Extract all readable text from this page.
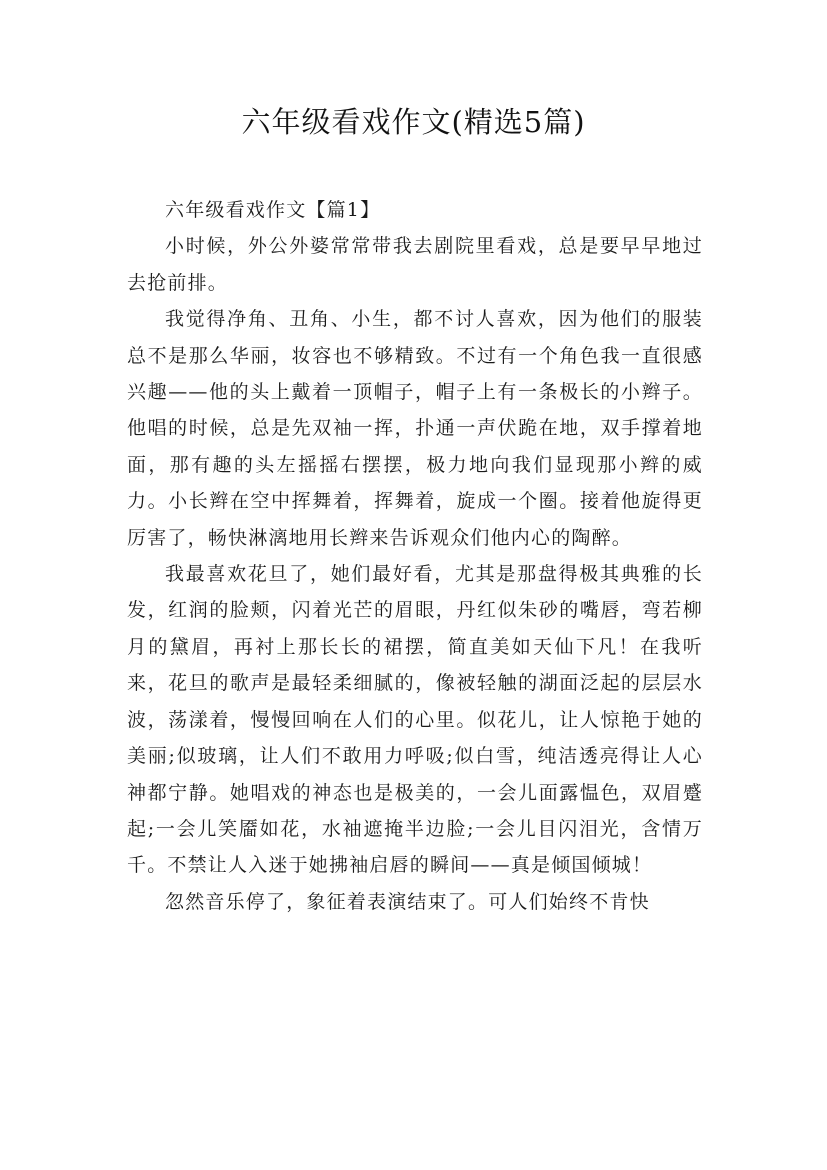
六年级看戏作文(精选5篇)
六年级看戏作文【篇1】

小时候，外公外婆常常带我去剧院里看戏，总是要早早地过去抢前排。

我觉得净角、丑角、小生，都不讨人喜欢，因为他们的服装总不是那么华丽，妆容也不够精致。不过有一个角色我一直很感兴趣——他的头上戴着一顶帽子，帽子上有一条极长的小辫子。他唱的时候，总是先双袖一挥，扑通一声伏跪在地，双手撑着地面，那有趣的头左摇摇右摆摆，极力地向我们显现那小辫的威力。小长辫在空中挥舞着，挥舞着，旋成一个圈。接着他旋得更厉害了，畅快淋漓地用长辫来告诉观众们他内心的陶醉。

我最喜欢花旦了，她们最好看，尤其是那盘得极其典雅的长发，红润的脸颊，闪着光芒的眉眼，丹红似朱砂的嘴唇，弯若柳月的黛眉，再衬上那长长的裙摆，简直美如天仙下凡！在我听来，花旦的歌声是最轻柔细腻的，像被轻触的湖面泛起的层层水波，荡漾着，慢慢回响在人们的心里。似花儿，让人惊艳于她的美丽;似玻璃，让人们不敢用力呼吸;似白雪，纯洁透亮得让人心神都宁静。她唱戏的神态也是极美的，一会儿面露愠色，双眉蹙起;一会儿笑靥如花，水袖遮掩半边脸;一会儿目闪泪光，含情万千。不禁让人入迷于她拂袖启唇的瞬间——真是倾国倾城！

忽然音乐停了，象征着表演结束了。可人们始终不肯快
